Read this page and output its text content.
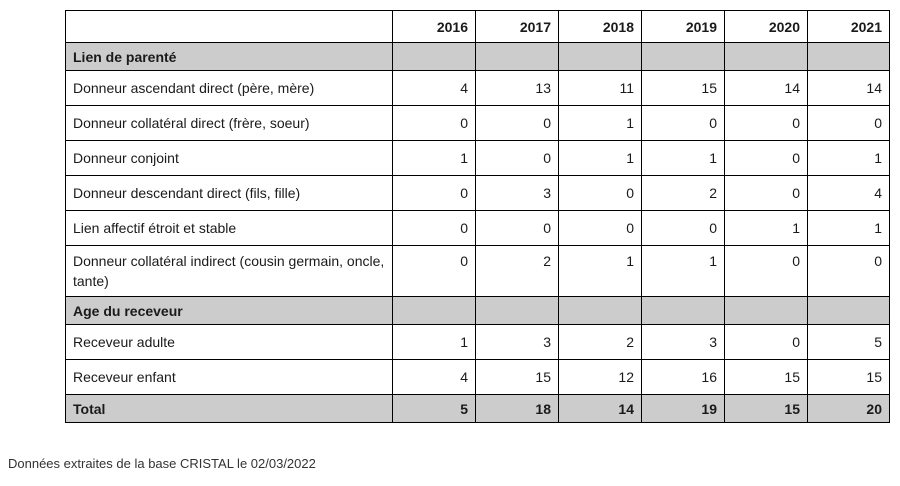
	2016	2017	2018	2019	2020	2021
Lien de parenté						
Donneur ascendant direct (père, mère)	4	13	11	15	14	14
Donneur collatéral direct (frère, soeur)	0	0	1	0	0	0
Donneur conjoint	1	0	1	1	0	1
Donneur descendant direct (fils, fille)	0	3	0	2	0	4
Lien affectif étroit et stable	0	0	0	0	1	1
Donneur collatéral indirect (cousin germain, oncle, tante)	0	2	1	1	0	0
Age du receveur						
Receveur adulte	1	3	2	3	0	5
Receveur enfant	4	15	12	16	15	15
Total	5	18	14	19	15	20
Données extraites de la base CRISTAL le 02/03/2022
